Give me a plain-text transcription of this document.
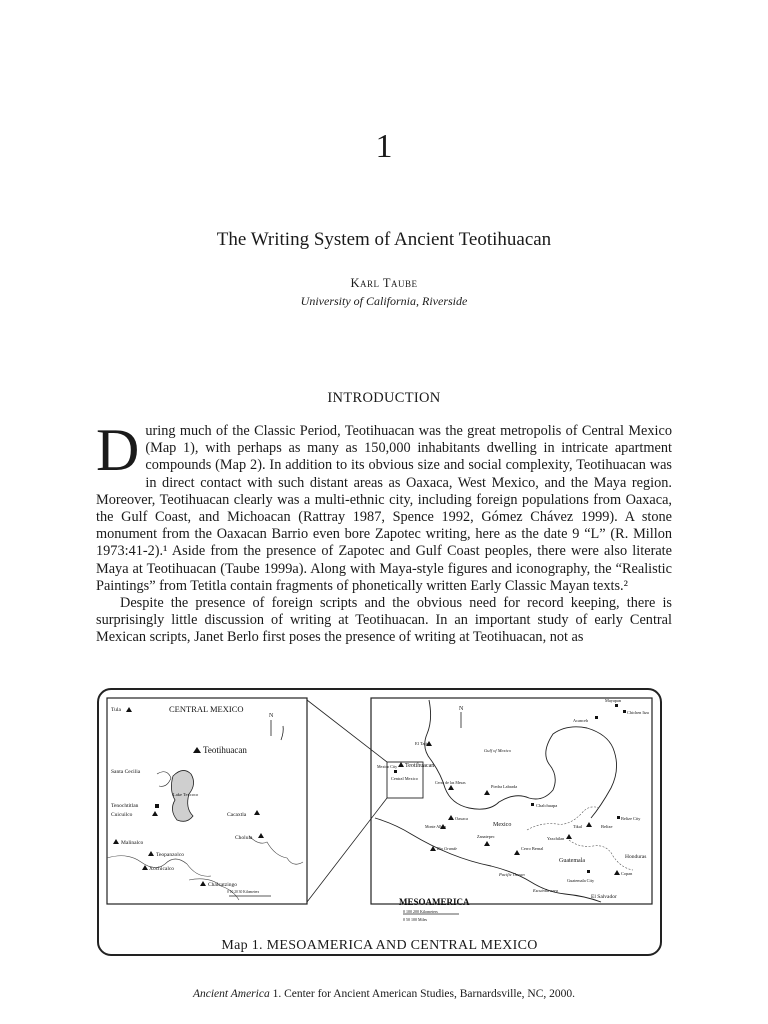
1
The Writing System of Ancient Teotihuacan
Karl Taube
University of California, Riverside
INTRODUCTION

During much of the Classic Period, Teotihuacan was the great metropolis of Central Mexico (Map 1), with perhaps as many as 150,000 inhabitants dwelling in intricate apartment compounds (Map 2). In addition to its obvious size and social complexity, Teotihuacan was in direct contact with such distant areas as Oaxaca, West Mexico, and the Maya region. Moreover, Teotihuacan clearly was a multi-ethnic city, including foreign populations from Oaxaca, the Gulf Coast, and Michoacan (Rattray 1987, Spence 1992, Gómez Chávez 1999). A stone monument from the Oaxacan Barrio even bore Zapotec writing, here as the date 9 “L” (R. Millon 1973:41-2).¹ Aside from the presence of Zapotec and Gulf Coast peoples, there were also literate Maya at Teotihuacan (Taube 1999a). Along with Maya-style figures and iconography, the “Realistic Paintings” from Tetitla contain fragments of phonetically written Early Classic Mayan texts.²

Despite the presence of foreign scripts and the obvious need for record keeping, there is surprisingly little discussion of writing at Teotihuacan. In an important study of early Central Mexican scripts, Janet Berlo first poses the presence of writing at Teotihuacan, not as

CENTRAL MEXICO
N
Tula
Teotihuacan
Santa Cecilia
Lake Texcoco
Tenochtitlan
Cuicuilco	Cacaxtla
Cholula
Malinalco
Teopanzolco
Xochicalco
Chalcatzingo
0 10 20 30 Kilometers
N
Central Mexico
El Tajin
Teotihuacan
Mexico City
Gulf of Mexico
Cerro de las Mesas
Piedra Labrada
Chalchuapa
Mexico
Oaxaca
Monte Alban
Zanatepec
Rio Grande	Cerro Bernal
Mayapan
Chichen Itza
Acanceh
Tikal	Belize
Belize City
Yaxchilan
Guatemala
Guatemala City
Honduras
Copan
El Salvador
Pacific Ocean
Escuintla area
MESOAMERICA
0 100 200 Kilometers
0 50 100 Miles
Map 1. MESOAMERICA AND CENTRAL MEXICO
Ancient America 1. Center for Ancient American Studies, Barnardsville, NC, 2000.
